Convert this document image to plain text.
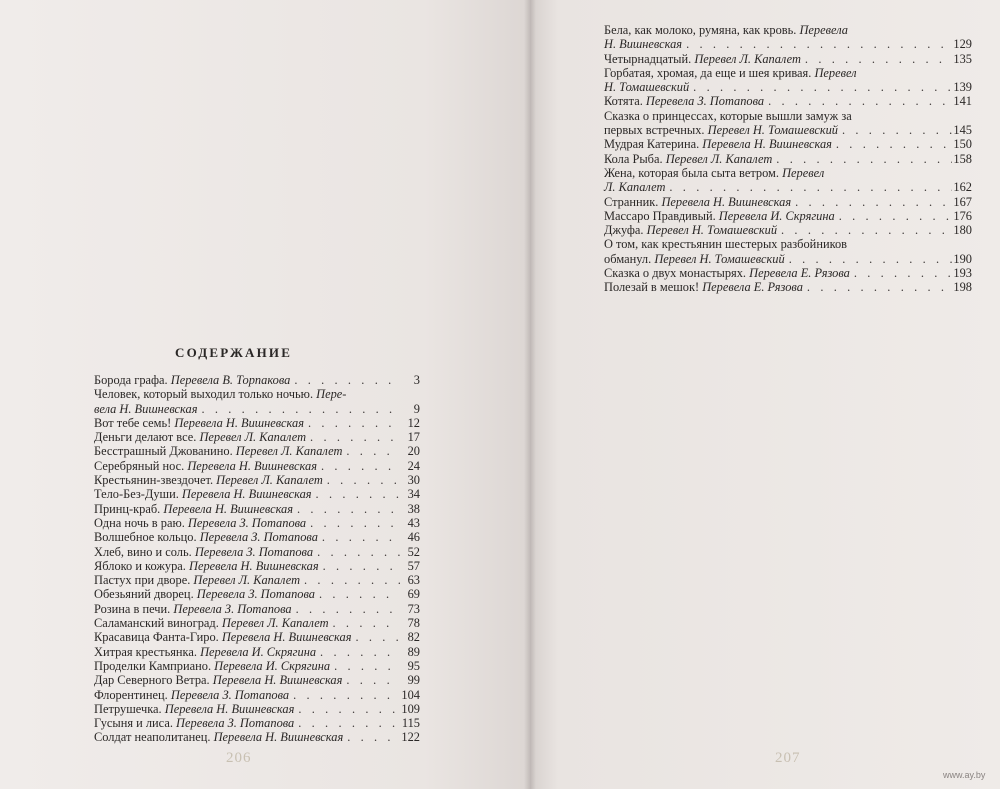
СОДЕРЖАНИЕ
Борода графа. Перевела В. Торпакова . . .	3
Человек, который выходил только ночью. Пере-
вела Н. Вишневская . . .	9
Вот тебе семь! Перевела Н. Вишневская . . .	12
Деньги делают все. Перевел Л. Капалет . . .	17
Бесстрашный Джованино. Перевел Л. Капалет . . .	20
Серебряный нос. Перевела Н. Вишневская . . .	24
Крестьянин-звездочет. Перевел Л. Капалет . . .	30
Тело-Без-Души. Перевела Н. Вишневская . . .	34
Принц-краб. Перевела Н. Вишневская . . .	38
Одна ночь в раю. Перевела З. Потапова . . .	43
Волшебное кольцо. Перевела З. Потапова . . .	46
Хлеб, вино и соль. Перевела З. Потапова . . .	52
Яблоко и кожура. Перевела Н. Вишневская . . .	57
Пастух при дворе. Перевел Л. Капалет . . .	63
Обезьяний дворец. Перевела З. Потапова . . .	69
Розина в печи. Перевела З. Потапова . . .	73
Саламанский виноград. Перевел Л. Капалет . . .	78
Красавица Фанта-Гиро. Перевела Н. Вишневская . . .	82
Хитрая крестьянка. Перевела И. Скрягина . . .	89
Проделки Камприано. Перевела И. Скрягина . . .	95
Дар Северного Ветра. Перевела Н. Вишневская . . .	99
Флорентинец. Перевела З. Потапова . . .	104
Петрушечка. Перевела Н. Вишневская . . .	109
Гусыня и лиса. Перевела З. Потапова . . .	115
Солдат неаполитанец. Перевела Н. Вишневская . . .	122
206	207
Бела, как молоко, румяна, как кровь. Перевела
Н. Вишневская . . .	129
Четырнадцатый. Перевел Л. Капалет . . .	135
Горбатая, хромая, да еще и шея кривая. Перевел
Н. Томашевский . . .	139
Котята. Перевела З. Потапова . . .	141
Сказка о принцессах, которые вышли замуж за
первых встречных. Перевел Н. Томашевский . . .	145
Мудрая Катерина. Перевела Н. Вишневская . . .	150
Кола Рыба. Перевел Л. Капалет . . .	158
Жена, которая была сыта ветром. Перевел
Л. Капалет . . .	162
Странник. Перевела Н. Вишневская . . .	167
Массаро Правдивый. Перевела И. Скрягина . . .	176
Джуфа. Перевел Н. Томашевский . . .	180
О том, как крестьянин шестерых разбойников
обманул. Перевел Н. Томашевский . . .	190
Сказка о двух монастырях. Перевела Е. Рязова . . .	193
Полезай в мешок! Перевела Е. Рязова . . .	198
www.ay.by
